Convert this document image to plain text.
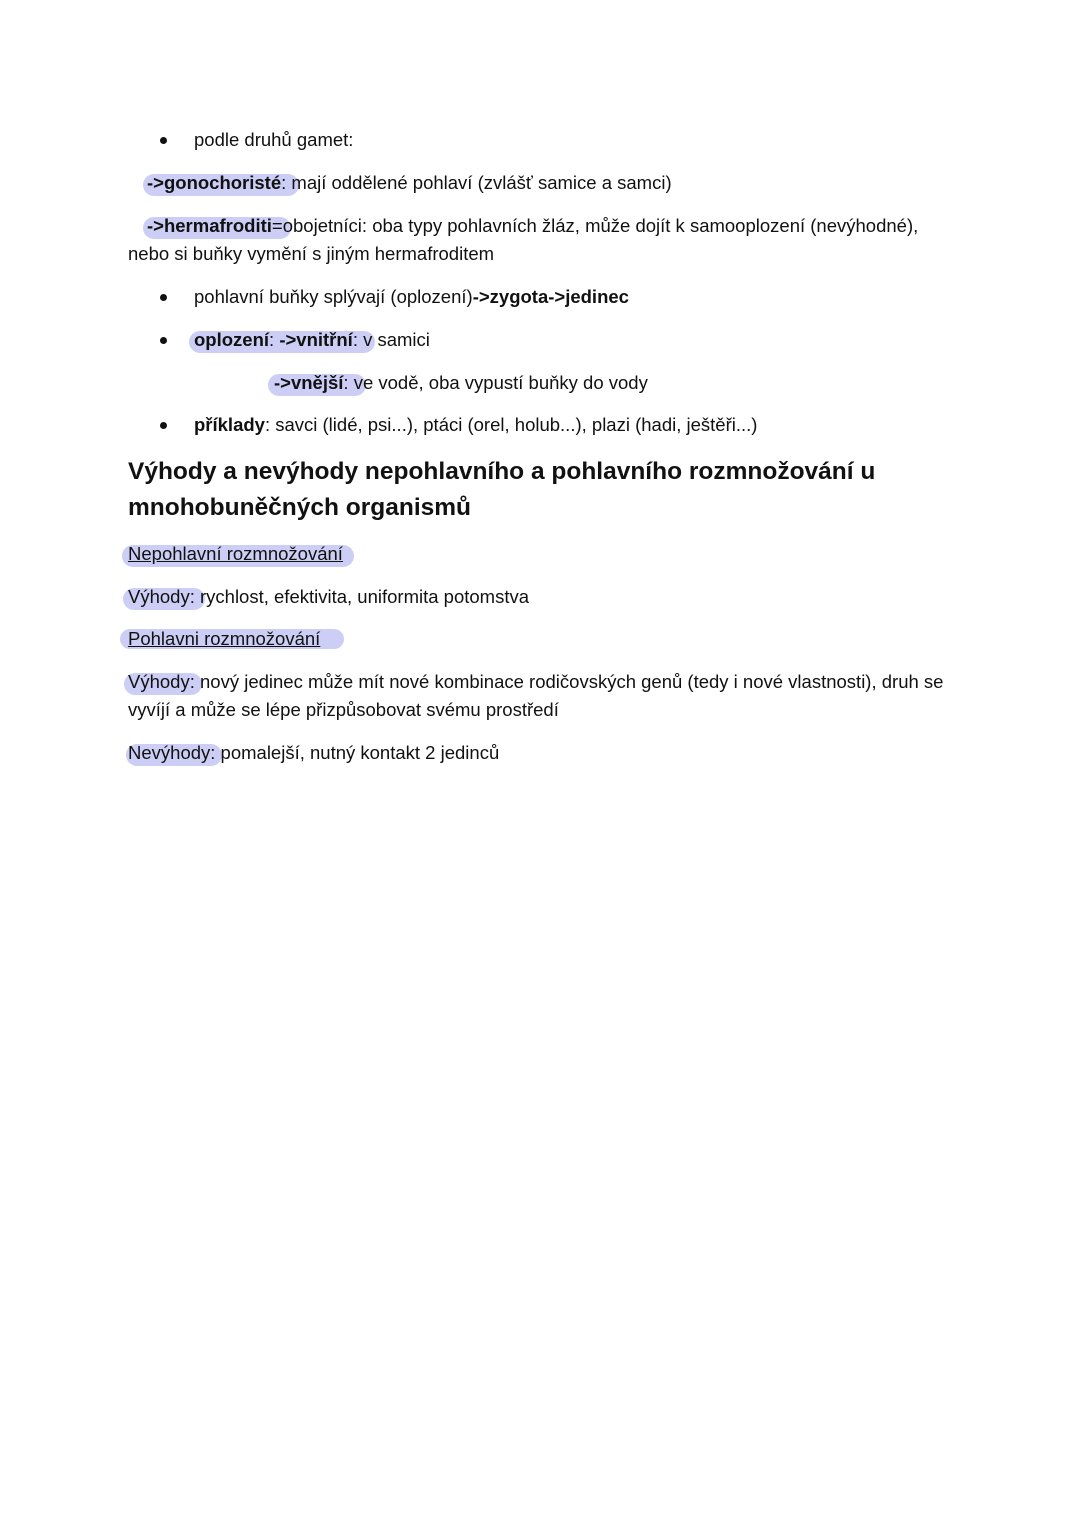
podle druhů gamet:
->gonochoristé: mají oddělené pohlaví (zvlášť samice a samci)
->hermafroditi=obojetníci: oba typy pohlavních žláz, může dojít k samooplození (nevýhodné),
nebo si buňky vymění s jiným hermafroditem
pohlavní buňky splývají (oplození)->zygota->jedinec
oplození: ->vnitřní: v samici
->vnější: ve vodě, oba vypustí buňky do vody
příklady: savci (lidé, psi...), ptáci (orel, holub...), plazi (hadi, ještěři...)
Výhody a nevýhody nepohlavního a pohlavního rozmnožování u
mnohobuněčných organismů
Nepohlavní rozmnožování
Výhody: rychlost, efektivita, uniformita potomstva
Pohlavni rozmnožování
Výhody: nový jedinec může mít nové kombinace rodičovských genů (tedy i nové vlastnosti), druh se vyvíjí a může se lépe přizpůsobovat svému prostředí
Nevýhody: pomalejší, nutný kontakt 2 jedinců
